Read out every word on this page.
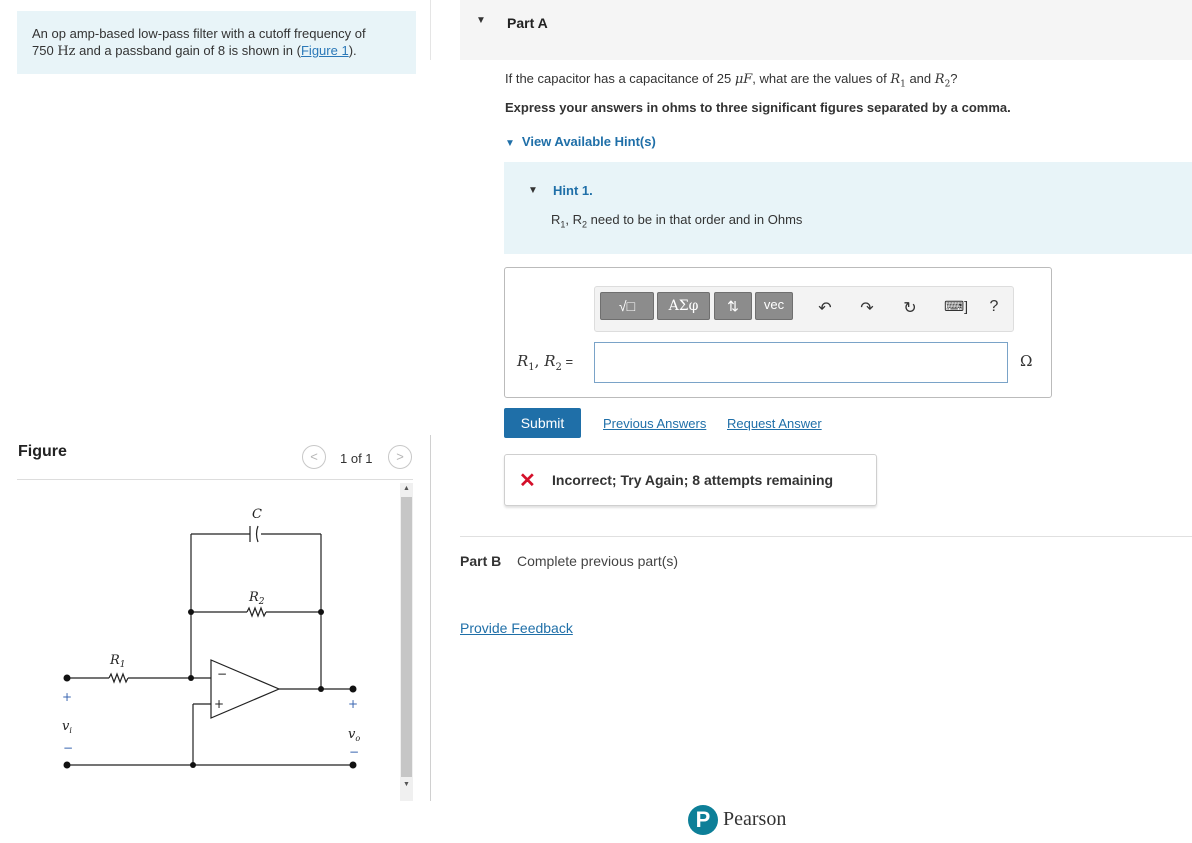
An op amp-based low-pass filter with a cutoff frequency of
750 Hz and a passband gain of 8 is shown in (Figure 1).
Figure	<	1 of 1	>
C
$R_2$
$R_1$
$v_i$	$v_o$
−
+
+
−
+
−
▲
▼
▼ Part A
If the capacitor has a capacitance of 25 μF, what are the values of $R_1$ and $R_2$?
Express your answers in ohms to three significant figures separated by a comma.
▼ View Available Hint(s)
▼ Hint 1.
$R_1$, $R_2$ need to be in that order and in Ohms
√□	ΑΣφ	⇅	vec	↶ ↷ ↻ ⌨] ?
$R_1$, $R_2$ =	Ω
Submit	Previous Answers Request Answer
✕ Incorrect; Try Again; 8 attempts remaining
Part B Complete previous part(s)
Provide Feedback
P Pearson
